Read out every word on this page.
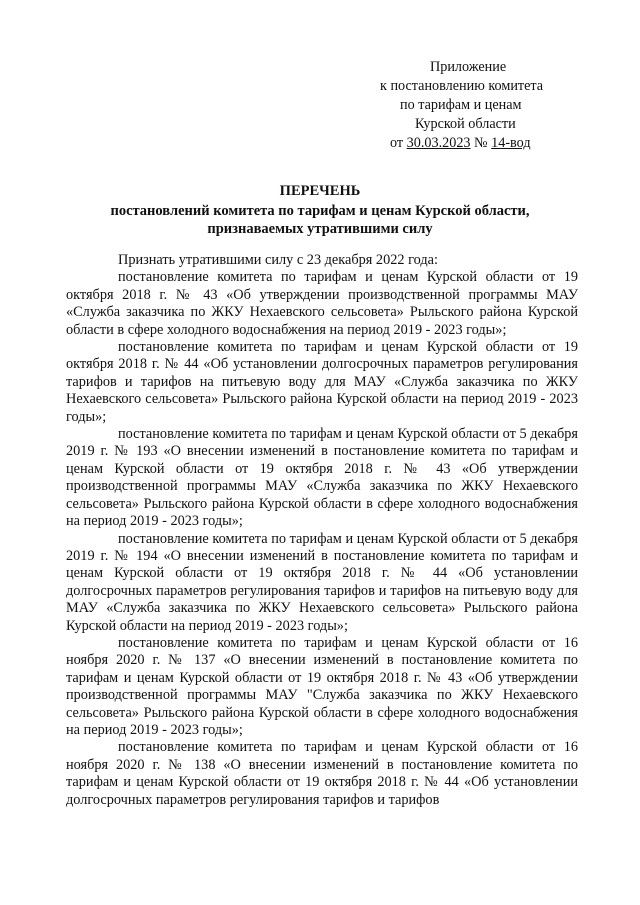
Приложение
к постановлению комитета
по тарифам и ценам
Курской области
от 30.03.2023 № 14-вод
ПЕРЕЧЕНЬ
постановлений комитета по тарифам и ценам Курской области,
признаваемых утратившими силу

Признать утратившими силу с 23 декабря 2022 года:

постановление комитета по тарифам и ценам Курской области от 19 октября 2018 г. № 43 «Об утверждении производственной программы МАУ «Служба заказчика по ЖКУ Нехаевского сельсовета» Рыльского района Курской области в сфере холодного водоснабжения на период 2019 - 2023 годы»;

постановление комитета по тарифам и ценам Курской области от 19 октября 2018 г. № 44 «Об установлении долгосрочных параметров регулирования тарифов и тарифов на питьевую воду для МАУ «Служба заказчика по ЖКУ Нехаевского сельсовета» Рыльского района Курской области на период 2019 - 2023 годы»;

постановление комитета по тарифам и ценам Курской области от 5 декабря 2019 г. № 193 «О внесении изменений в постановление комитета по тарифам и ценам Курской области от 19 октября 2018 г. № 43 «Об утверждении производственной программы МАУ «Служба заказчика по ЖКУ Нехаевского сельсовета» Рыльского района Курской области в сфере холодного водоснабжения на период 2019 - 2023 годы»;

постановление комитета по тарифам и ценам Курской области от 5 декабря 2019 г. № 194 «О внесении изменений в постановление комитета по тарифам и ценам Курской области от 19 октября 2018 г. № 44 «Об установлении долгосрочных параметров регулирования тарифов и тарифов на питьевую воду для МАУ «Служба заказчика по ЖКУ Нехаевского сельсовета» Рыльского района Курской области на период 2019 - 2023 годы»;

постановление комитета по тарифам и ценам Курской области от 16 ноября 2020 г. № 137 «О внесении изменений в постановление комитета по тарифам и ценам Курской области от 19 октября 2018 г. № 43 «Об утверждении производственной программы МАУ "Служба заказчика по ЖКУ Нехаевского сельсовета» Рыльского района Курской области в сфере холодного водоснабжения на период 2019 - 2023 годы»;

постановление комитета по тарифам и ценам Курской области от 16 ноября 2020 г. № 138 «О внесении изменений в постановление комитета по тарифам и ценам Курской области от 19 октября 2018 г. № 44 «Об установлении долгосрочных параметров регулирования тарифов и тарифов
